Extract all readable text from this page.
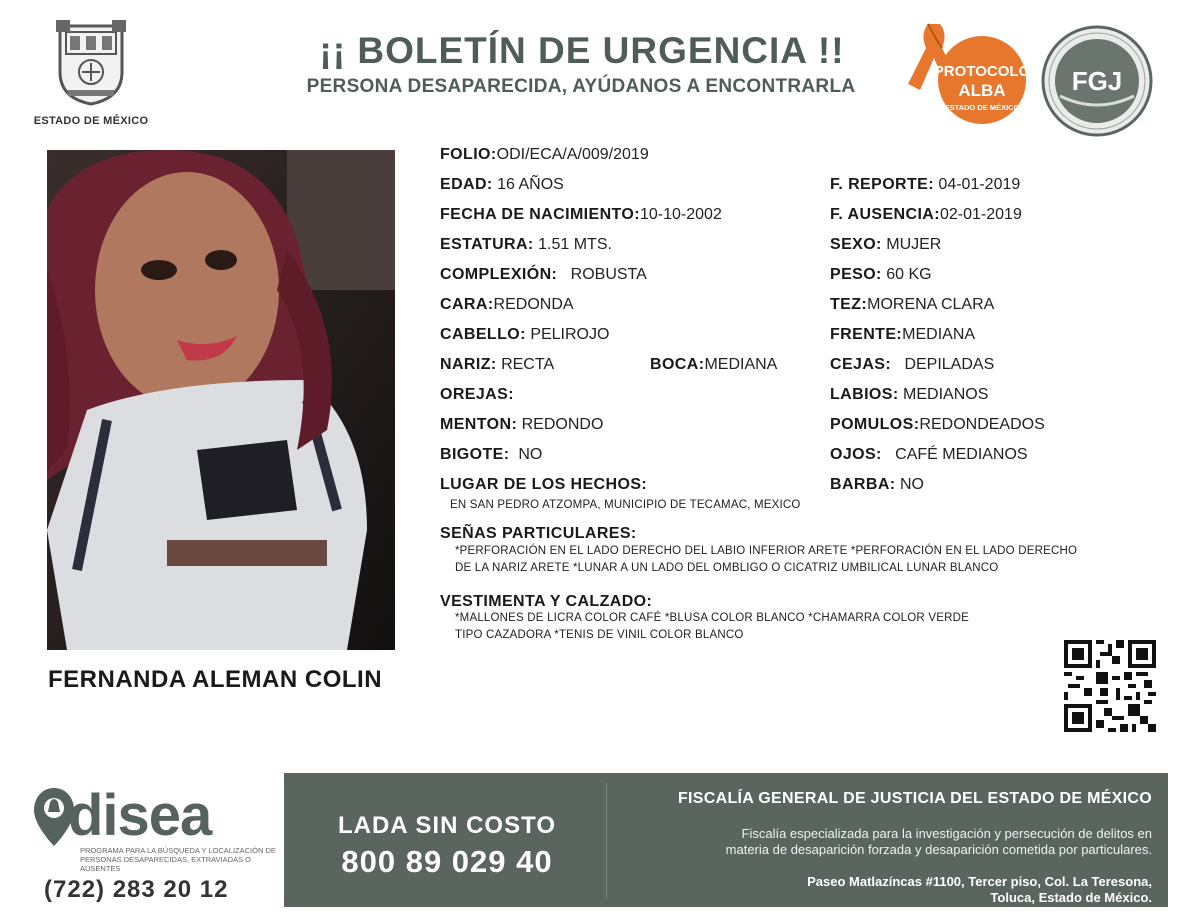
ESTADO DE MÉXICO
¡¡ BOLETÍN DE URGENCIA !!
PERSONA DESAPARECIDA, AYÚDANOS A ENCONTRARLA
PROTOCOLO
ALBA
ESTADO DE MÉXICO
FGJ
FERNANDA ALEMAN COLIN
FOLIO:ODI/ECA/A/009/2019
EDAD: 16 AÑOS
FECHA DE NACIMIENTO:10-10-2002
ESTATURA: 1.51 MTS.
COMPLEXIÓN: ROBUSTA
CARA:REDONDA
CABELLO: PELIROJO
NARIZ: RECTA	BOCA:MEDIANA
OREJAS:
MENTON: REDONDO
BIGOTE: NO
LUGAR DE LOS HECHOS:
EN SAN PEDRO ATZOMPA, MUNICIPIO DE TECAMAC, MEXICO
F. REPORTE: 04-01-2019
F. AUSENCIA:02-01-2019
SEXO: MUJER
PESO: 60 KG
TEZ:MORENA CLARA
FRENTE:MEDIANA
CEJAS: DEPILADAS
LABIOS: MEDIANOS
POMULOS:REDONDEADOS
OJOS: CAFÉ MEDIANOS
BARBA: NO
SEÑAS PARTICULARES:
*PERFORACIÓN EN EL LADO DERECHO DEL LABIO INFERIOR ARETE *PERFORACIÓN EN EL LADO DERECHO
DE LA NARIZ ARETE *LUNAR A UN LADO DEL OMBLIGO O CICATRIZ UMBILICAL LUNAR BLANCO
VESTIMENTA Y CALZADO:
*MALLONES DE LICRA COLOR CAFÉ *BLUSA COLOR BLANCO *CHAMARRA COLOR VERDE
TIPO CAZADORA *TENIS DE VINIL COLOR BLANCO
disea
PROGRAMA PARA LA BÚSQUEDA Y LOCALIZACIÓN DE PERSONAS DESAPARECIDAS, EXTRAVIADAS O AUSENTES
(722) 283 20 12
LADA SIN COSTO
800 89 029 40
FISCALÍA GENERAL DE JUSTICIA DEL ESTADO DE MÉXICO
Fiscalía especializada para la investigación y persecución de delitos en
materia de desaparición forzada y desaparición cometida por particulares.
Paseo Matlazíncas #1100, Tercer piso, Col. La Teresona,
Toluca, Estado de México.
